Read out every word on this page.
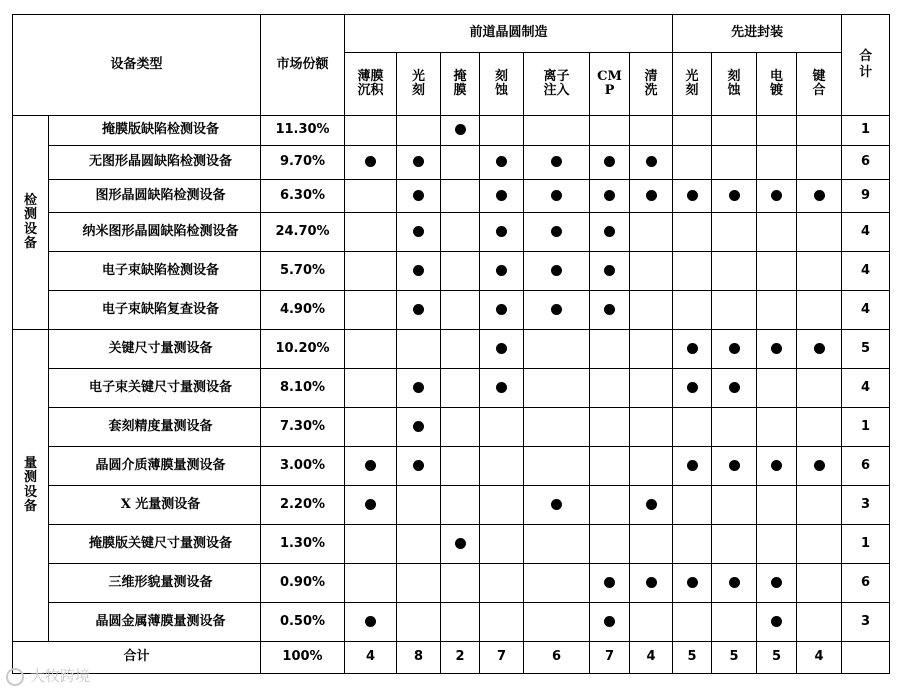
设备类型		市场份额	前道晶圆制造							先进封装				合计
			薄膜沉积	光刻	掩膜	刻蚀	离子注入	CMP	清洗	光刻	刻蚀	电镀	键合	

检测设备	掩膜版缺陷检测设备	11.30%												1
	无图形晶圆缺陷检测设备	9.70%												6
	图形晶圆缺陷检测设备	6.30%												9
	纳米图形晶圆缺陷检测设备	24.70%												4
	电子束缺陷检测设备	5.70%												4
	电子束缺陷复查设备	4.90%												4

量测设备	关键尺寸量测设备	10.20%												5
	电子束关键尺寸量测设备	8.10%												4
	套刻精度量测设备	7.30%												1
	晶圆介质薄膜量测设备	3.00%												6
	X 光量测设备	2.20%												3
	掩膜版关键尺寸量测设备	1.30%												1
	三维形貌量测设备	0.90%												6
	晶圆金属薄膜量测设备	0.50%												3
合计		100%	4	8	2	7	6	7	4	5	5	5	4	
大牧跨境
